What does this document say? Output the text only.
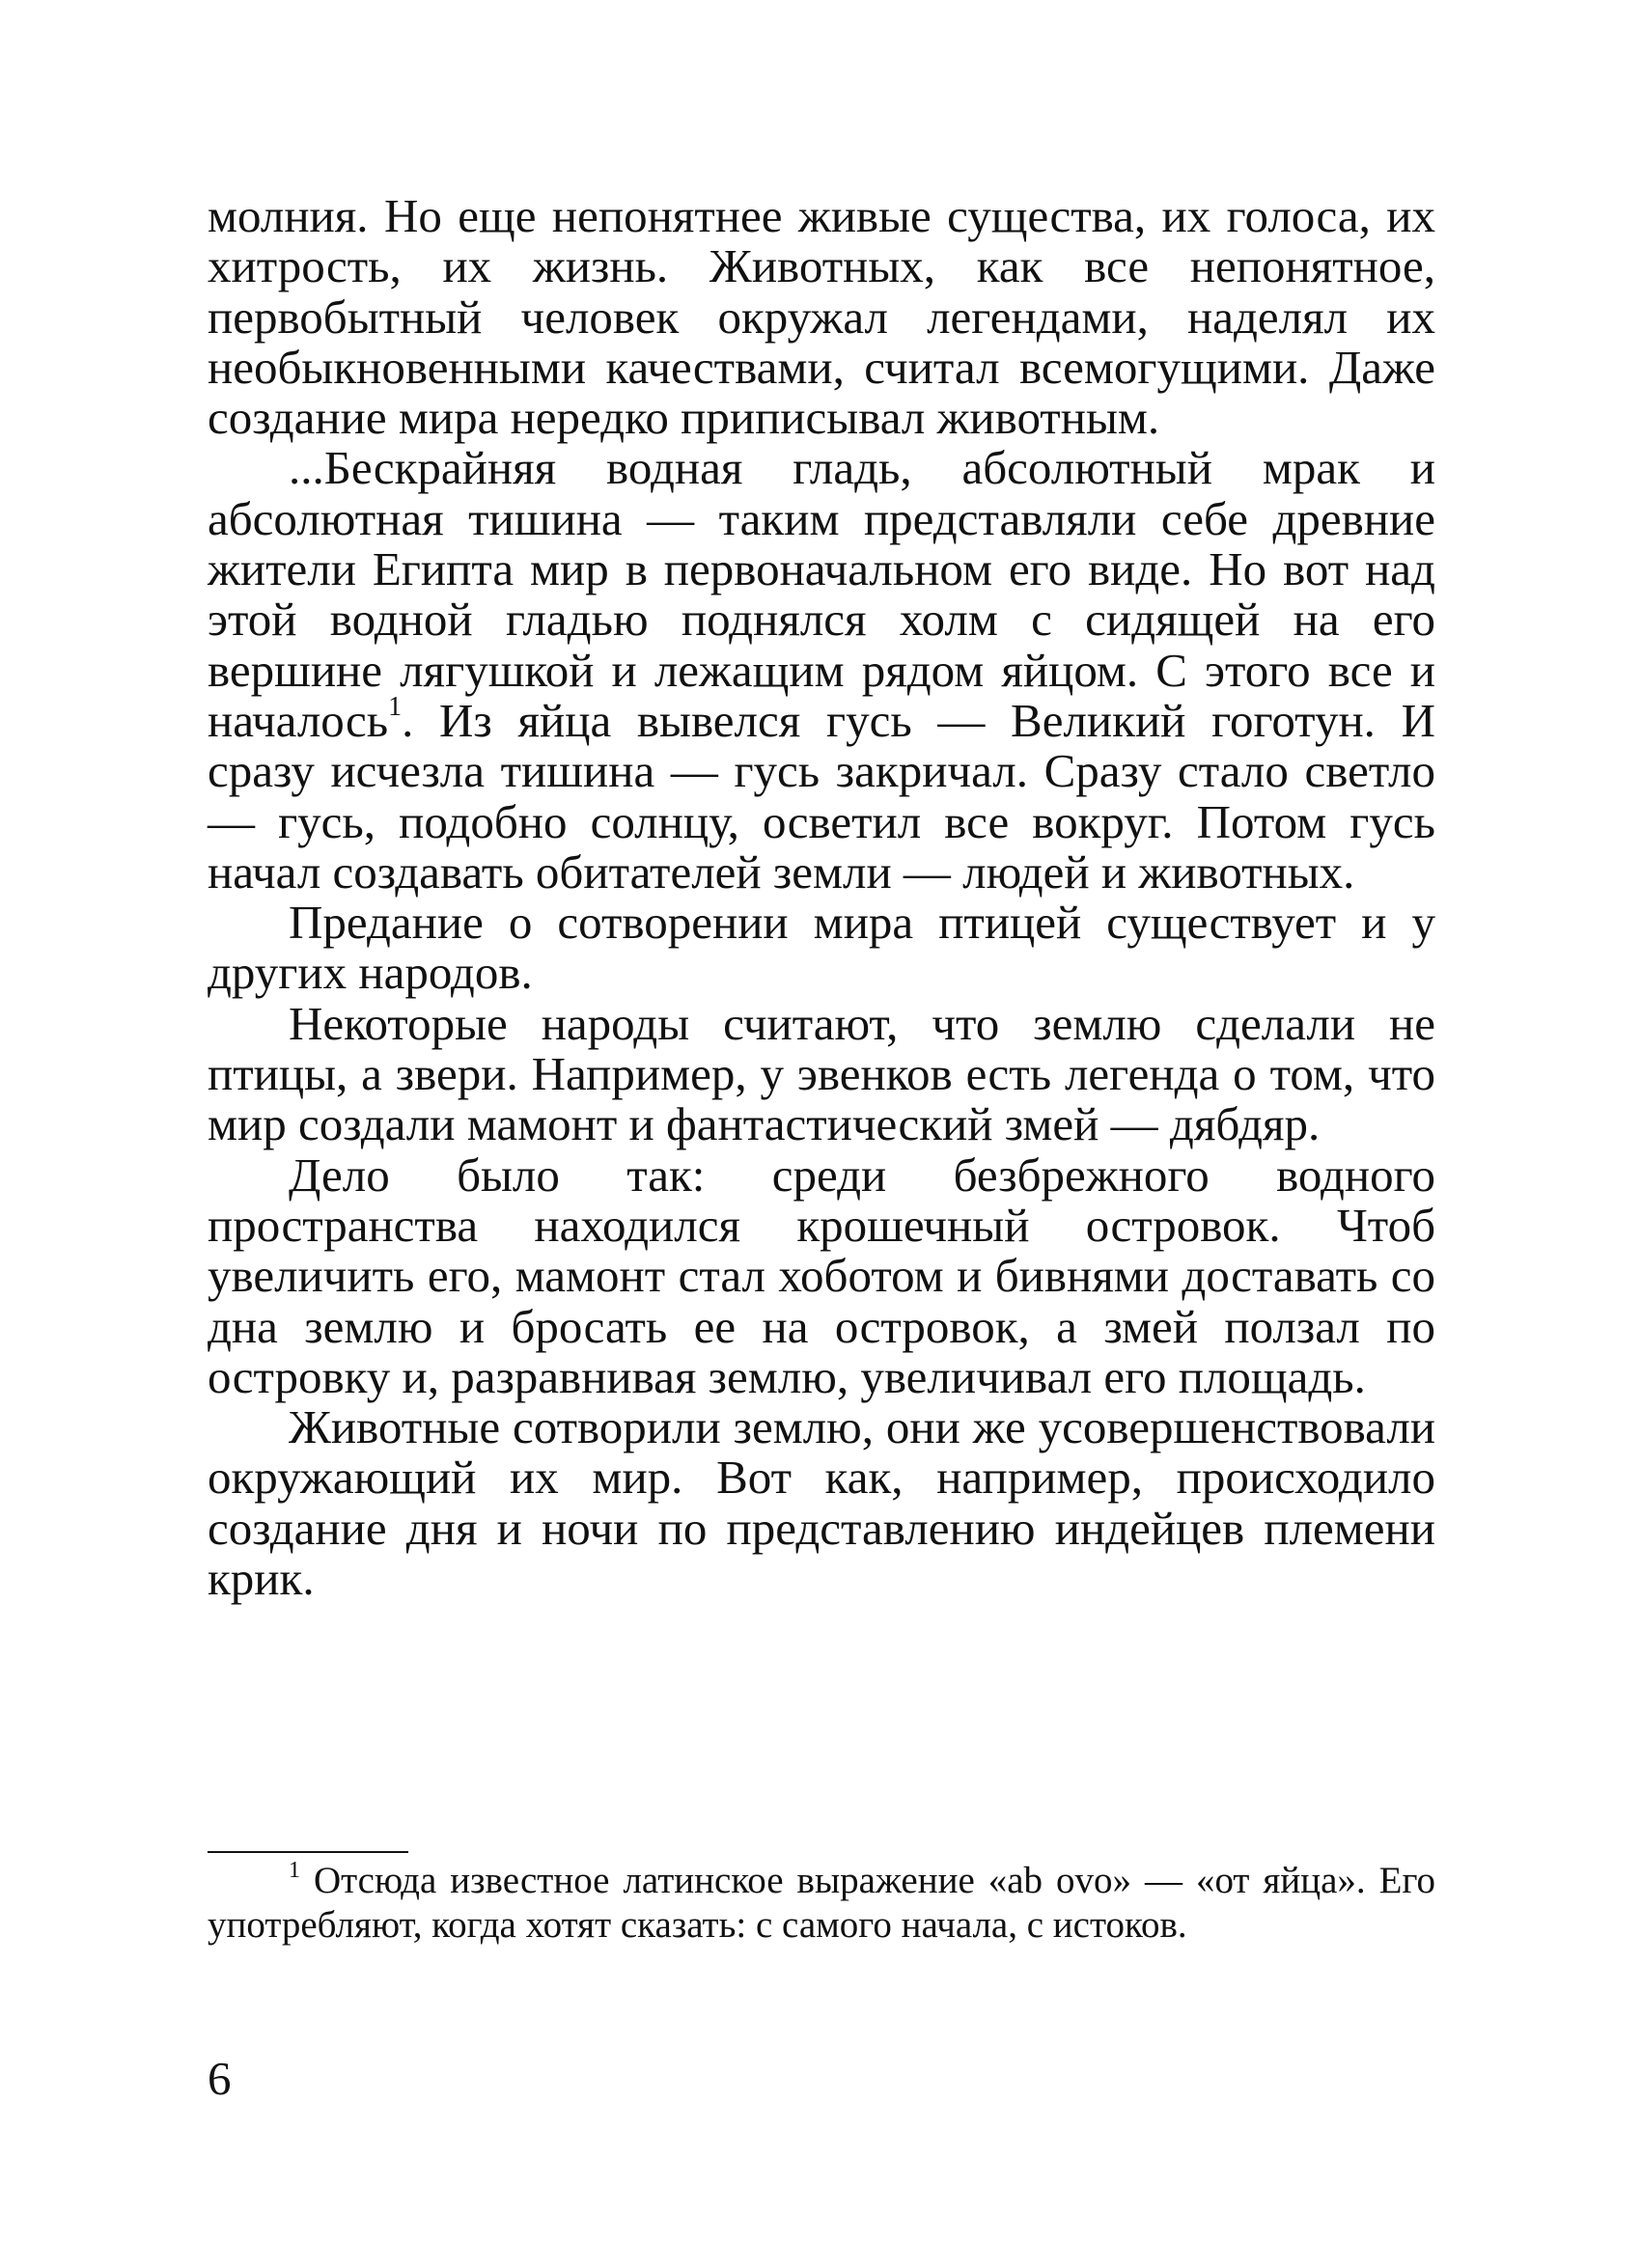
молния. Но еще непонятнее живые существа, их голоса, их хитрость, их жизнь. Животных, как все непонятное, первобытный человек окружал легендами, наделял их необыкновенными качествами, считал всемогущими. Даже создание мира нередко приписывал животным.

...Бескрайняя водная гладь, абсолютный мрак и абсолютная тишина — таким представляли себе древние жители Египта мир в первоначальном его виде. Но вот над этой водной гладью поднялся холм с сидящей на его вершине лягушкой и лежащим рядом яйцом. С этого все и началось$^1$. Из яйца вывелся гусь — Великий гоготун. И сразу исчезла тишина — гусь закричал. Сразу стало светло — гусь, подобно солнцу, осветил все вокруг. Потом гусь начал создавать обитателей земли — людей и животных.

Предание о сотворении мира птицей существует и у других народов.

Некоторые народы считают, что землю сделали не птицы, а звери. Например, у эвенков есть легенда о том, что мир создали мамонт и фантастический змей — дябдяр.

Дело было так: среди безбрежного водного пространства находился крошечный островок. Чтоб увеличить его, мамонт стал хоботом и бивнями доставать со дна землю и бросать ее на островок, а змей ползал по островку и, разравнивая землю, увеличивал его площадь.

Животные сотворили землю, они же усовершенствовали окружающий их мир. Вот как, например, происходило создание дня и ночи по представлению индейцев племени крик.

$^1$ Отсюда известное латинское выражение «ab ovo» — «от яйца». Его употребляют, когда хотят сказать: с самого начала, с истоков.

6
